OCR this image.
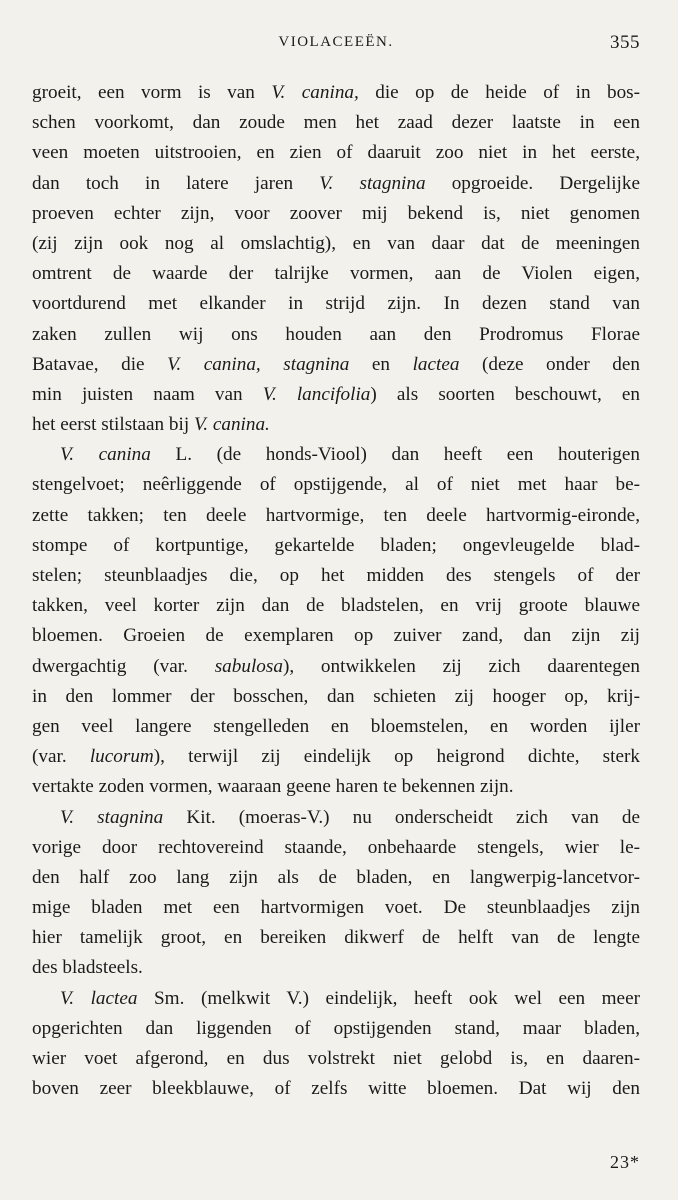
VIOLACEEËN.	355
groeit, een vorm is van V. canina, die op de heide of in bos-
schen voorkomt, dan zoude men het zaad dezer laatste in een
veen moeten uitstrooien, en zien of daaruit zoo niet in het eerste,
dan toch in latere jaren V. stagnina opgroeide. Dergelijke
proeven echter zijn, voor zoover mij bekend is, niet genomen
(zij zijn ook nog al omslachtig), en van daar dat de meeningen
omtrent de waarde der talrijke vormen, aan de Violen eigen,
voortdurend met elkander in strijd zijn. In dezen stand van
zaken zullen wij ons houden aan den Prodromus Florae
Batavae, die V. canina, stagnina en lactea (deze onder den
min juisten naam van V. lancifolia) als soorten beschouwt, en
het eerst stilstaan bij V. canina.
V. canina L. (de honds-Viool) dan heeft een houterigen
stengelvoet; neêrliggende of opstijgende, al of niet met haar be-
zette takken; ten deele hartvormige, ten deele hartvormig-eironde,
stompe of kortpuntige, gekartelde bladen; ongevleugelde blad-
stelen; steunblaadjes die, op het midden des stengels of der
takken, veel korter zijn dan de bladstelen, en vrij groote blauwe
bloemen. Groeien de exemplaren op zuiver zand, dan zijn zij
dwergachtig (var. sabulosa), ontwikkelen zij zich daarentegen
in den lommer der bosschen, dan schieten zij hooger op, krij-
gen veel langere stengelleden en bloemstelen, en worden ijler
(var. lucorum), terwijl zij eindelijk op heigrond dichte, sterk
vertakte zoden vormen, waaraan geene haren te bekennen zijn.
V. stagnina Kit. (moeras-V.) nu onderscheidt zich van de
vorige door rechtovereind staande, onbehaarde stengels, wier le-
den half zoo lang zijn als de bladen, en langwerpig-lancetvor-
mige bladen met een hartvormigen voet. De steunblaadjes zijn
hier tamelijk groot, en bereiken dikwerf de helft van de lengte
des bladsteels.
V. lactea Sm. (melkwit V.) eindelijk, heeft ook wel een meer
opgerichten dan liggenden of opstijgenden stand, maar bladen,
wier voet afgerond, en dus volstrekt niet gelobd is, en daaren-
boven zeer bleekblauwe, of zelfs witte bloemen. Dat wij den
23*
